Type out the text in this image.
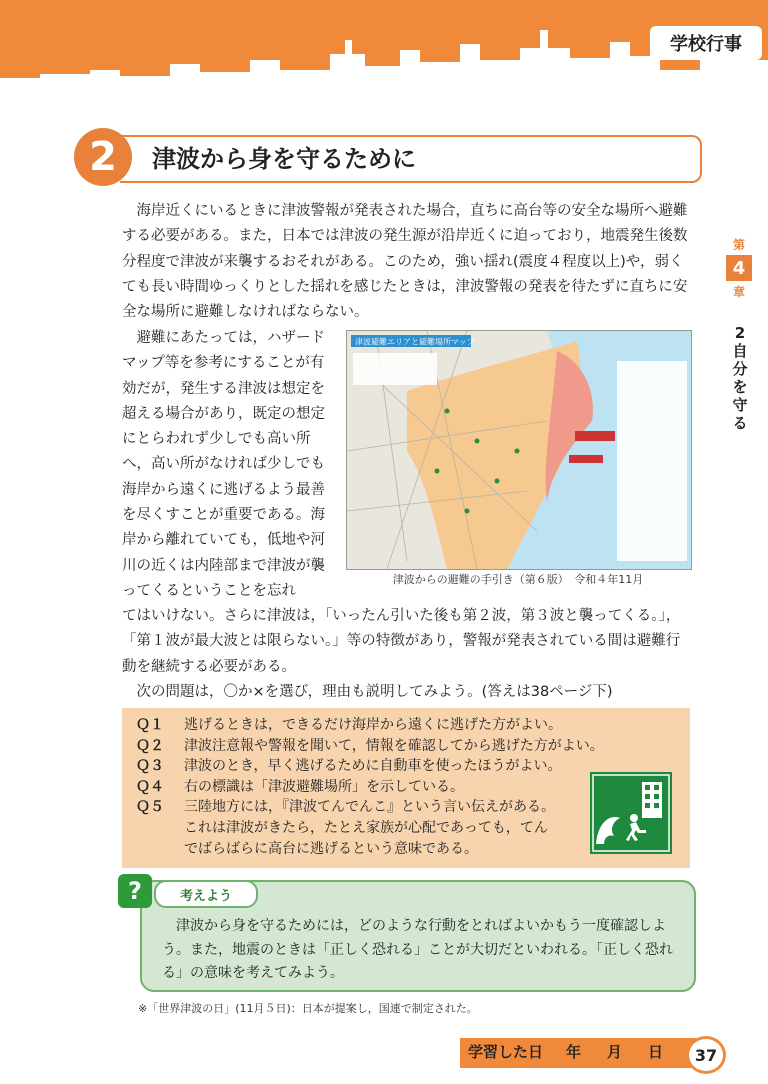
学校行事
2	津波から身を守るために
第
4
章
2 自分を守る

海岸近くにいるときに津波警報が発表された場合，直ちに高台等の安全な場所へ避難する必要がある。また，日本では津波の発生源が沿岸近くに迫っており，地震発生後数分程度で津波が来襲するおそれがある。このため，強い揺れ(震度４程度以上)や，弱くても長い時間ゆっくりとした揺れを感じたときは，津波警報の発表を待たずに直ちに安全な場所に避難しなければならない。

避難にあたっては，ハザードマップ等を参考にすることが有効だが，発生する津波は想定を超える場合があり，既定の想定にとらわれず少しでも高い所へ，高い所がなければ少しでも海岸から遠くに逃げるよう最善を尽くすことが重要である。海岸から離れていても，低地や河川の近くは内陸部まで津波が襲ってくるということを忘れ

てはいけない。さらに津波は，「いったん引いた後も第２波，第３波と襲ってくる。」，「第１波が最大波とは限らない。」等の特徴があり，警報が発表されている間は避難行動を継続する必要がある。

次の問題は，〇か×を選び，理由も説明してみよう。(答えは38ページ下)

津波避難エリアと避難場所マップ
津波からの避難の手引き（第６版）　令和４年11月
Ｑ１ 逃げるときは，できるだけ海岸から遠くに逃げた方がよい。
Ｑ２ 津波注意報や警報を聞いて，情報を確認してから逃げた方がよい。
Ｑ３ 津波のとき，早く逃げるために自動車を使ったほうがよい。
Ｑ４ 右の標識は「津波避難場所」を示している。
Ｑ５ 三陸地方には，『津波てんでんこ』という言い伝えがある。
これは津波がきたら，たとえ家族が心配であっても，てん
でばらばらに高台に逃げるという意味である。
?	考えよう

津波から身を守るためには，どのような行動をとればよいかもう一度確認しよう。また，地震のときは「正しく恐れる」ことが大切だといわれる。「正しく恐れる」の意味を考えてみよう。

※「世界津波の日」(11月５日)：日本が提案し，国連で制定された。
学習した日 年 月 日	37
